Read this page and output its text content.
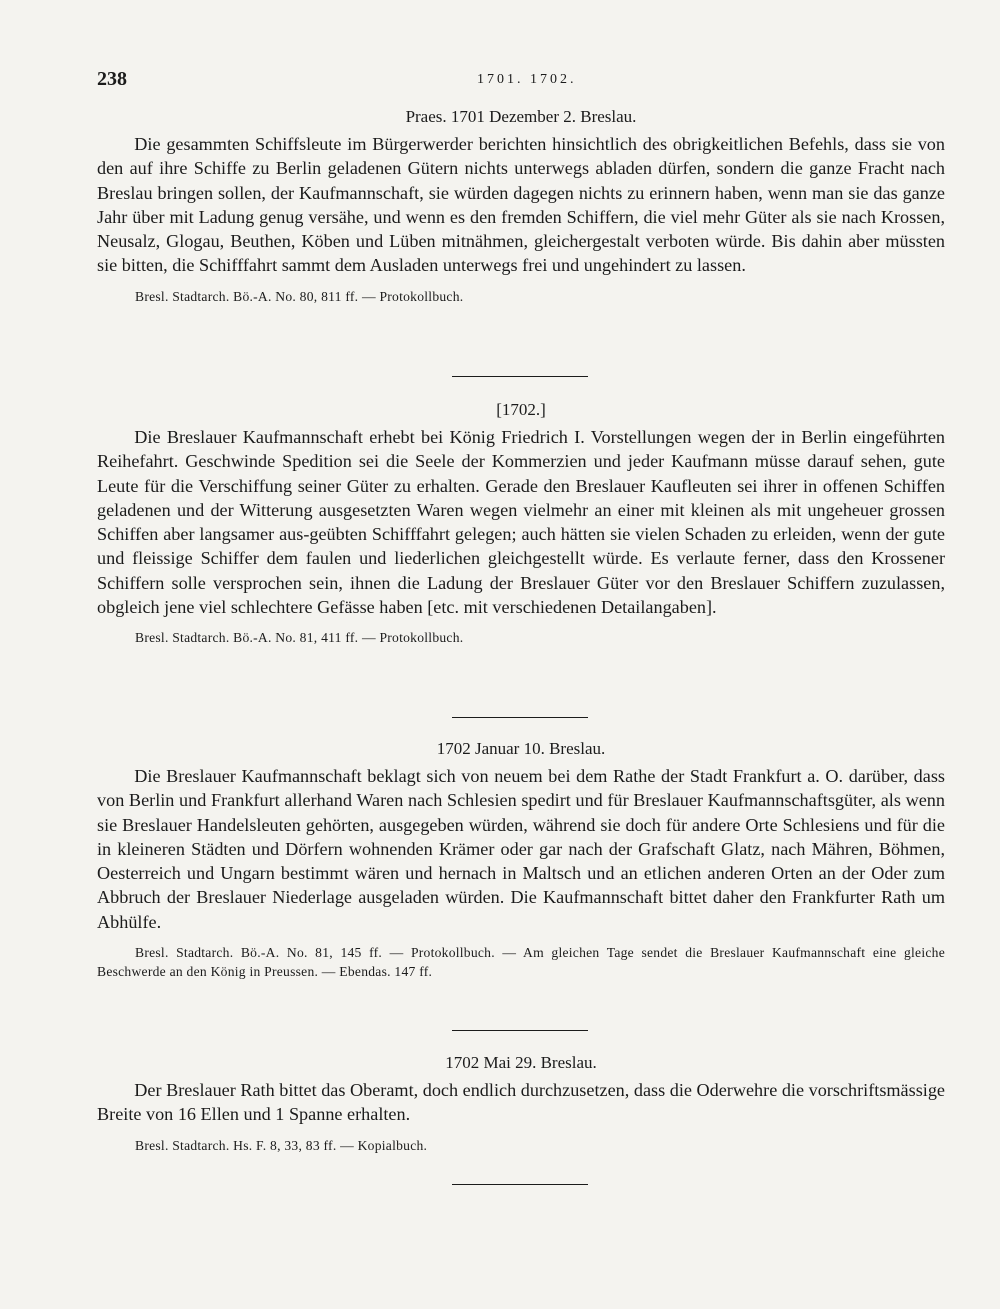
238	1701. 1702.
Praes. 1701 Dezember 2. Breslau.

Die gesammten Schiffsleute im Bürgerwerder berichten hinsichtlich des obrigkeitlichen Befehls, dass sie von den auf ihre Schiffe zu Berlin geladenen Gütern nichts unterwegs abladen dürfen, sondern die ganze Fracht nach Breslau bringen sollen, der Kaufmannschaft, sie würden dagegen nichts zu erinnern haben, wenn man sie das ganze Jahr über mit Ladung genug versähe, und wenn es den fremden Schiffern, die viel mehr Güter als sie nach Krossen, Neusalz, Glogau, Beuthen, Köben und Lüben mitnähmen, gleichergestalt verboten würde. Bis dahin aber müssten sie bitten, die Schifffahrt sammt dem Ausladen unterwegs frei und ungehindert zu lassen.

Bresl. Stadtarch. Bö.-A. No. 80, 811 ff. — Protokollbuch.

[1702.]

Die Breslauer Kaufmannschaft erhebt bei König Friedrich I. Vorstellungen wegen der in Berlin eingeführten Reihefahrt. Geschwinde Spedition sei die Seele der Kommerzien und jeder Kaufmann müsse darauf sehen, gute Leute für die Verschiffung seiner Güter zu erhalten. Gerade den Breslauer Kaufleuten sei ihrer in offenen Schiffen geladenen und der Witterung ausgesetzten Waren wegen vielmehr an einer mit kleinen als mit ungeheuer grossen Schiffen aber langsamer aus-geübten Schifffahrt gelegen; auch hätten sie vielen Schaden zu erleiden, wenn der gute und fleissige Schiffer dem faulen und liederlichen gleichgestellt würde. Es verlaute ferner, dass den Krossener Schiffern solle versprochen sein, ihnen die Ladung der Breslauer Güter vor den Breslauer Schiffern zuzulassen, obgleich jene viel schlechtere Gefässe haben [etc. mit verschiedenen Detailangaben].

Bresl. Stadtarch. Bö.-A. No. 81, 411 ff. — Protokollbuch.

1702 Januar 10. Breslau.

Die Breslauer Kaufmannschaft beklagt sich von neuem bei dem Rathe der Stadt Frankfurt a. O. darüber, dass von Berlin und Frankfurt allerhand Waren nach Schlesien spedirt und für Breslauer Kaufmannschaftsgüter, als wenn sie Breslauer Handelsleuten gehörten, ausgegeben würden, während sie doch für andere Orte Schlesiens und für die in kleineren Städten und Dörfern wohnenden Krämer oder gar nach der Grafschaft Glatz, nach Mähren, Böhmen, Oesterreich und Ungarn bestimmt wären und hernach in Maltsch und an etlichen anderen Orten an der Oder zum Abbruch der Breslauer Niederlage ausgeladen würden. Die Kaufmannschaft bittet daher den Frankfurter Rath um Abhülfe.

Bresl. Stadtarch. Bö.-A. No. 81, 145 ff. — Protokollbuch. — Am gleichen Tage sendet die Breslauer Kaufmannschaft eine gleiche Beschwerde an den König in Preussen. — Ebendas. 147 ff.

1702 Mai 29. Breslau.

Der Breslauer Rath bittet das Oberamt, doch endlich durchzusetzen, dass die Oderwehre die vorschriftsmässige Breite von 16 Ellen und 1 Spanne erhalten.

Bresl. Stadtarch. Hs. F. 8, 33, 83 ff. — Kopialbuch.
